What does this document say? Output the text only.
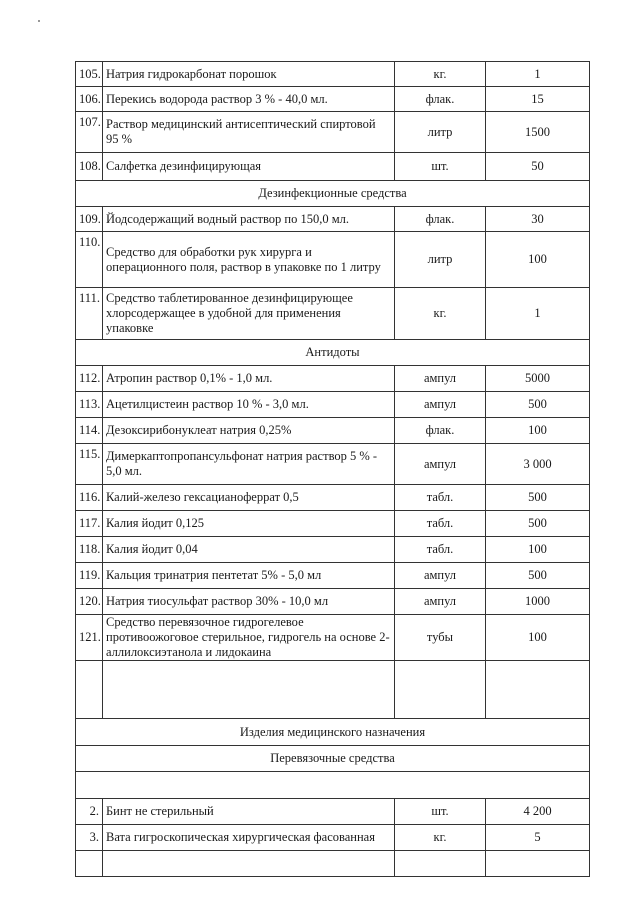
105.	Натрия гидрокарбонат порошок	кг.	1
106.	Перекись водорода раствор 3 % - 40,0 мл.	флак.	15
107.	Раствор медицинский антисептический спиртовой 95 %	литр	1500
108.	Салфетка дезинфицирующая	шт.	50
Дезинфекционные средства			
109.	Йодсодержащий водный раствор по 150,0 мл.	флак.	30
110.	Средство для обработки рук хирурга и операционного поля, раствор в упаковке по 1 литру	литр	100
111.	Средство таблетированное дезинфицирующее хлорсодержащее в удобной для применения упаковке	кг.	1
Антидоты			
112.	Атропин раствор 0,1% - 1,0 мл.	ампул	5000
113.	Ацетилцистеин раствор 10 % - 3,0 мл.	ампул	500
114.	Дезоксирибонуклеат натрия 0,25%	флак.	100
115.	Димеркаптопропансульфонат натрия раствор 5 % - 5,0 мл.	ампул	3 000
116.	Калий-железо гексацианоферрат 0,5	табл.	500
117.	Калия йодит 0,125	табл.	500
118.	Калия йодит 0,04	табл.	100
119.	Кальция тринатрия пентетат 5% - 5,0 мл	ампул	500
120.	Натрия тиосульфат раствор 30% - 10,0 мл	ампул	1000
121.	Средство перевязочное гидрогелевое противоожоговое стерильное, гидрогель на основе 2-аллилоксиэтанола и лидокаина	тубы	100

Изделия медицинского назначения			
Перевязочные средства			

2.	Бинт не стерильный	шт.	4 200
3.	Вата гигроскопическая хирургическая фасованная	кг.	5
